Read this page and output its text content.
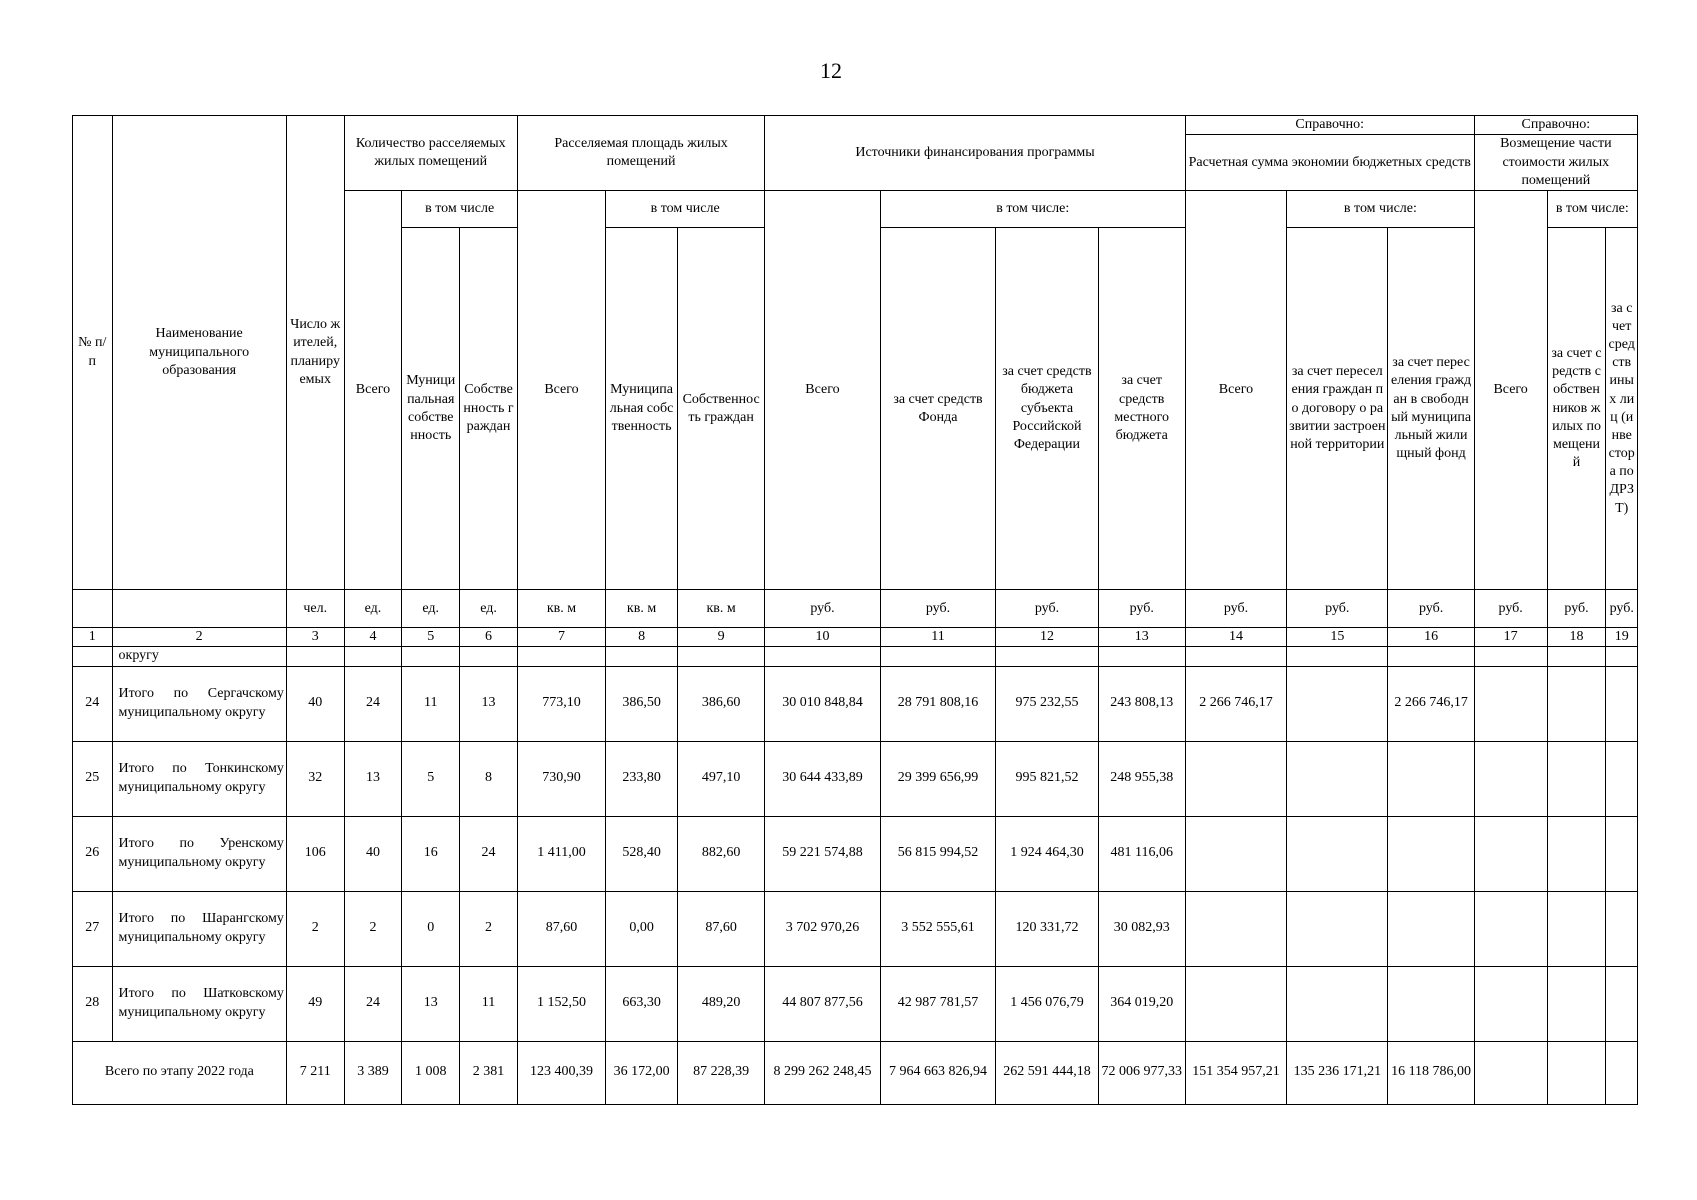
12
№ п/п	Наименование муниципального образования	Число жителей, планируемых	Количество расселяемых жилых помещений			Расселяемая площадь жилых помещений			Источники финансирования программы				Справочно:			Справочно:		
													Расчетная сумма экономии бюджетных средств			Возмещение части стоимости жилых помещений		
			Всего	в том числе		Всего	в том числе		Всего	в том числе:			Всего	в том числе:		Всего	в том числе:	
				Муниципальная собственность	Собственность граждан		Муниципальная собственность	Собственность граждан		за счет средств Фонда	за счет средств бюджета субъекта Российской Федерации	за счет средств местного бюджета		за счет переселения граждан по договору о развитии застроенной территории	за счет переселения граждан в свободный муниципальный жилищный фонд		за счет средств собственников жилых помещений	за счет средств иных лиц (инвестора по ДРЗТ)
		чел.	ед.	ед.	ед.	кв. м	кв. м	кв. м	руб.	руб.	руб.	руб.	руб.	руб.	руб.	руб.	руб.	руб.
1	2	3	4	5	6	7	8	9	10	11	12	13	14	15	16	17	18	19
	округу																	
24	Итого по Сергачскому муниципальному округу	40	24	11	13	773,10	386,50	386,60	30 010 848,84	28 791 808,16	975 232,55	243 808,13	2 266 746,17		2 266 746,17			
25	Итого по Тонкинскому муниципальному округу	32	13	5	8	730,90	233,80	497,10	30 644 433,89	29 399 656,99	995 821,52	248 955,38						
26	Итого по Уренскому муниципальному округу	106	40	16	24	1 411,00	528,40	882,60	59 221 574,88	56 815 994,52	1 924 464,30	481 116,06						
27	Итого по Шарангскому муниципальному округу	2	2	0	2	87,60	0,00	87,60	3 702 970,26	3 552 555,61	120 331,72	30 082,93						
28	Итого по Шатковскому муниципальному округу	49	24	13	11	1 152,50	663,30	489,20	44 807 877,56	42 987 781,57	1 456 076,79	364 019,20						
Всего по этапу 2022 года		7 211	3 389	1 008	2 381	123 400,39	36 172,00	87 228,39	8 299 262 248,45	7 964 663 826,94	262 591 444,18	72 006 977,33	151 354 957,21	135 236 171,21	16 118 786,00			
